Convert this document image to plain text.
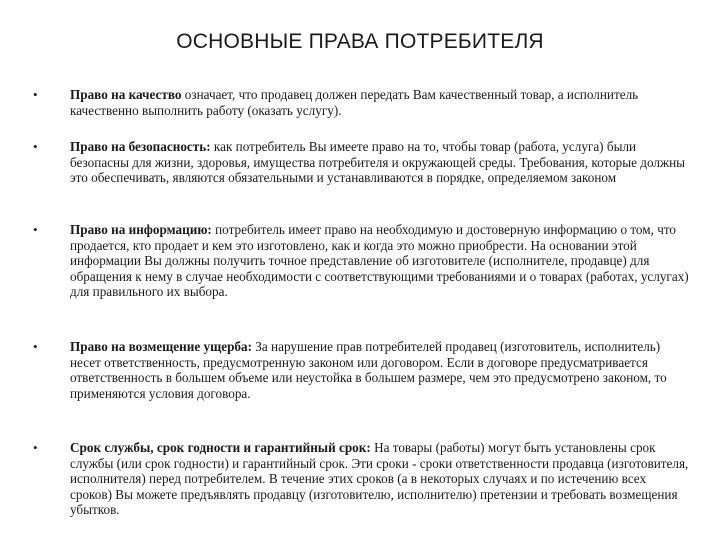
ОСНОВНЫЕ ПРАВА ПОТРЕБИТЕЛЯ
• Право на качество означает, что продавец должен передать Вам качественный товар, а исполнитель качественно выполнить работу (оказать услугу).
• Право на безопасность: как потребитель Вы имеете право на то, чтобы товар (работа, услуга) были безопасны для жизни, здоровья, имущества потребителя и окружающей среды. Требования, которые должны это обеспечивать, являются обязательными и устанавливаются в порядке, определяемом законом
• Право на информацию: потребитель имеет право на необходимую и достоверную информацию о том, что продается, кто продает и кем это изготовлено, как и когда это можно приобрести. На основании этой информации Вы должны получить точное представление об изготовителе (исполнителе, продавце) для обращения к нему в случае необходимости с соответствующими требованиями и о товарах (работах, услугах) для правильного их выбора.
• Право на возмещение ущерба: За нарушение прав потребителей продавец (изготовитель, исполнитель) несет ответственность, предусмотренную законом или договором. Если в договоре предусматривается ответственность в большем объеме или неустойка в большем размере, чем это предусмотрено законом, то применяются условия договора.
• Срок службы, срок годности и гарантийный срок: На товары (работы) могут быть установлены срок службы (или срок годности) и гарантийный срок. Эти сроки - сроки ответственности продавца (изготовителя, исполнителя) перед потребителем. В течение этих сроков (а в некоторых случаях и по истечению всех сроков) Вы можете предъявлять продавцу (изготовителю, исполнителю) претензии и требовать возмещения убытков.
